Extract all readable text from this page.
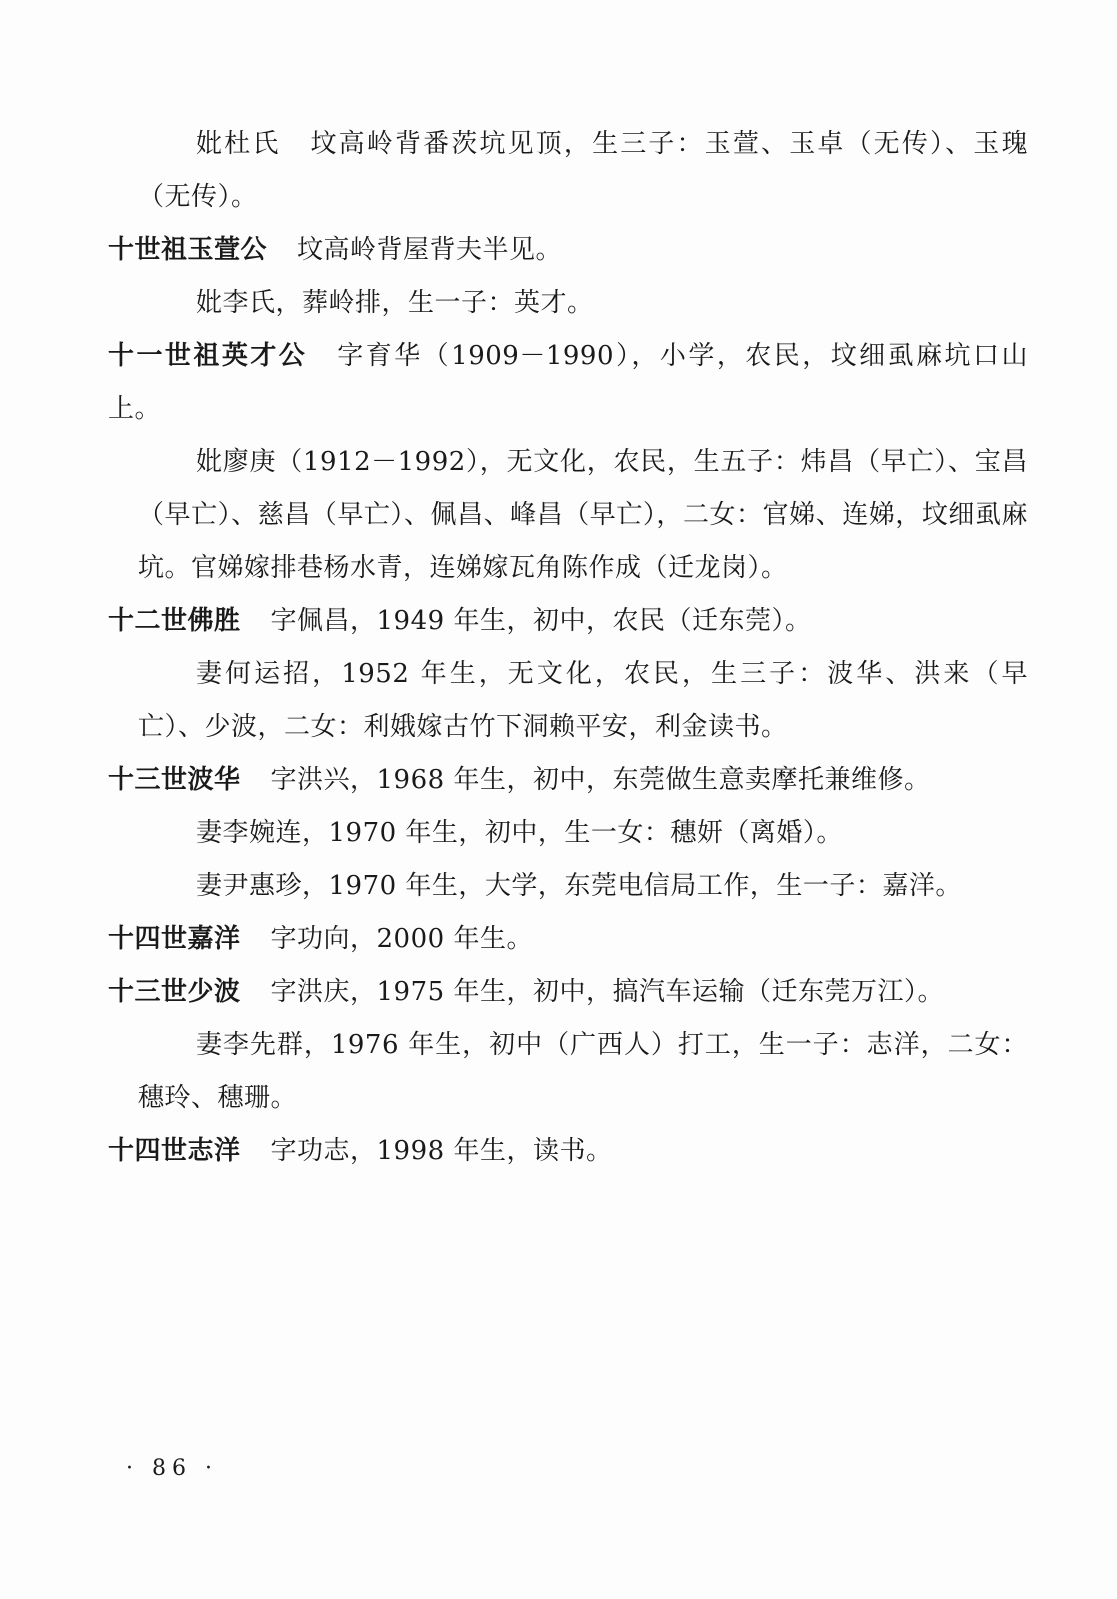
妣杜氏 坟高岭背番茨坑见顶，生三子：玉萱、玉卓（无传）、玉瑰（无传）。

十世祖玉萱公 坟高岭背屋背夫半见。

妣李氏，葬岭排，生一子：英才。

十一世祖英才公 字育华（1909－1990），小学，农民，坟细虱麻坑口山上。

妣廖庚（1912－1992），无文化，农民，生五子：炜昌（早亡）、宝昌（早亡）、慈昌（早亡）、佩昌、峰昌（早亡），二女：官娣、连娣，坟细虱麻坑。官娣嫁排巷杨水青，连娣嫁瓦角陈作成（迁龙岗）。

十二世佛胜 字佩昌，1949 年生，初中，农民（迁东莞）。

妻何运招，1952 年生，无文化，农民，生三子：波华、洪来（早亡）、少波，二女：利娥嫁古竹下洞赖平安，利金读书。

十三世波华 字洪兴，1968 年生，初中，东莞做生意卖摩托兼维修。

妻李婉连，1970 年生，初中，生一女：穗妍（离婚）。

妻尹惠珍，1970 年生，大学，东莞电信局工作，生一子：嘉洋。

十四世嘉洋 字功向，2000 年生。

十三世少波 字洪庆，1975 年生，初中，搞汽车运输（迁东莞万江）。

妻李先群，1976 年生，初中（广西人）打工，生一子：志洋，二女：穗玲、穗珊。

十四世志洋 字功志，1998 年生，读书。

· 86 ·
